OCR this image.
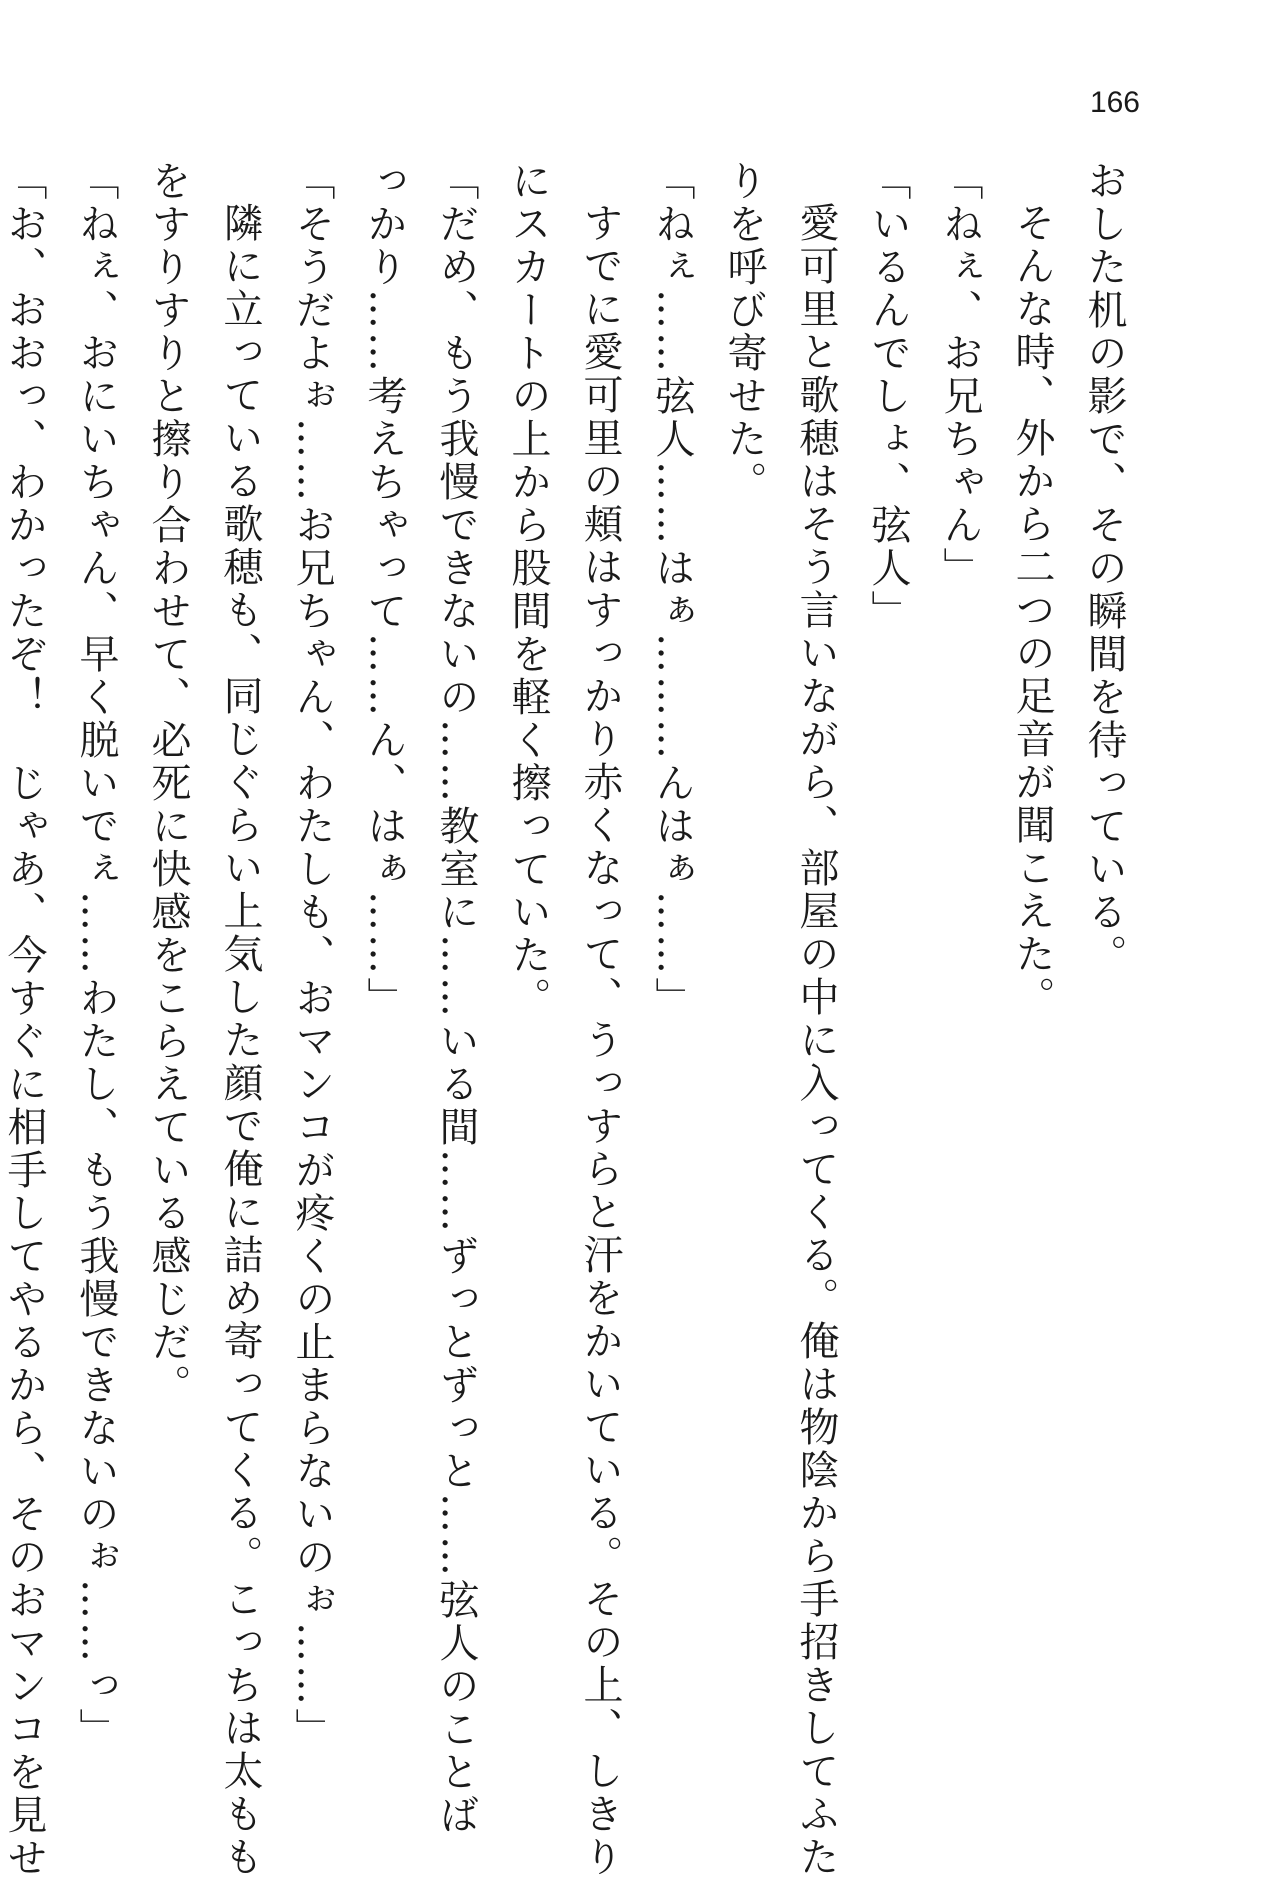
166
おした机の影で、その瞬間を待っている。
そんな時、外から二つの足音が聞こえた。
「ねぇ、お兄ちゃん」
「いるんでしょ、弦人」
愛可里と歌穂はそう言いながら、部屋の中に入ってくる。俺は物陰から手招きしてふた
りを呼び寄せた。
「ねぇ……弦人……はぁ………んはぁ……」
すでに愛可里の頬はすっかり赤くなって、うっすらと汗をかいている。その上、しきり
にスカートの上から股間を軽く擦っていた。
「だめ、もう我慢できないの……教室に……いる間……ずっとずっと……弦人のことば
っかり……考えちゃって……ん、はぁ……」
「そうだよぉ……お兄ちゃん、わたしも、おマンコが疼くの止まらないのぉ……」
隣に立っている歌穂も、同じぐらい上気した顔で俺に詰め寄ってくる。こっちは太もも
をすりすりと擦り合わせて、必死に快感をこらえている感じだ。
「ねぇ、おにいちゃん、早く脱いでぇ……わたし、もう我慢できないのぉ……っ」
「お、おおっ、わかったぞ！　じゃあ、今すぐに相手してやるから、そのおマンコを見せ
